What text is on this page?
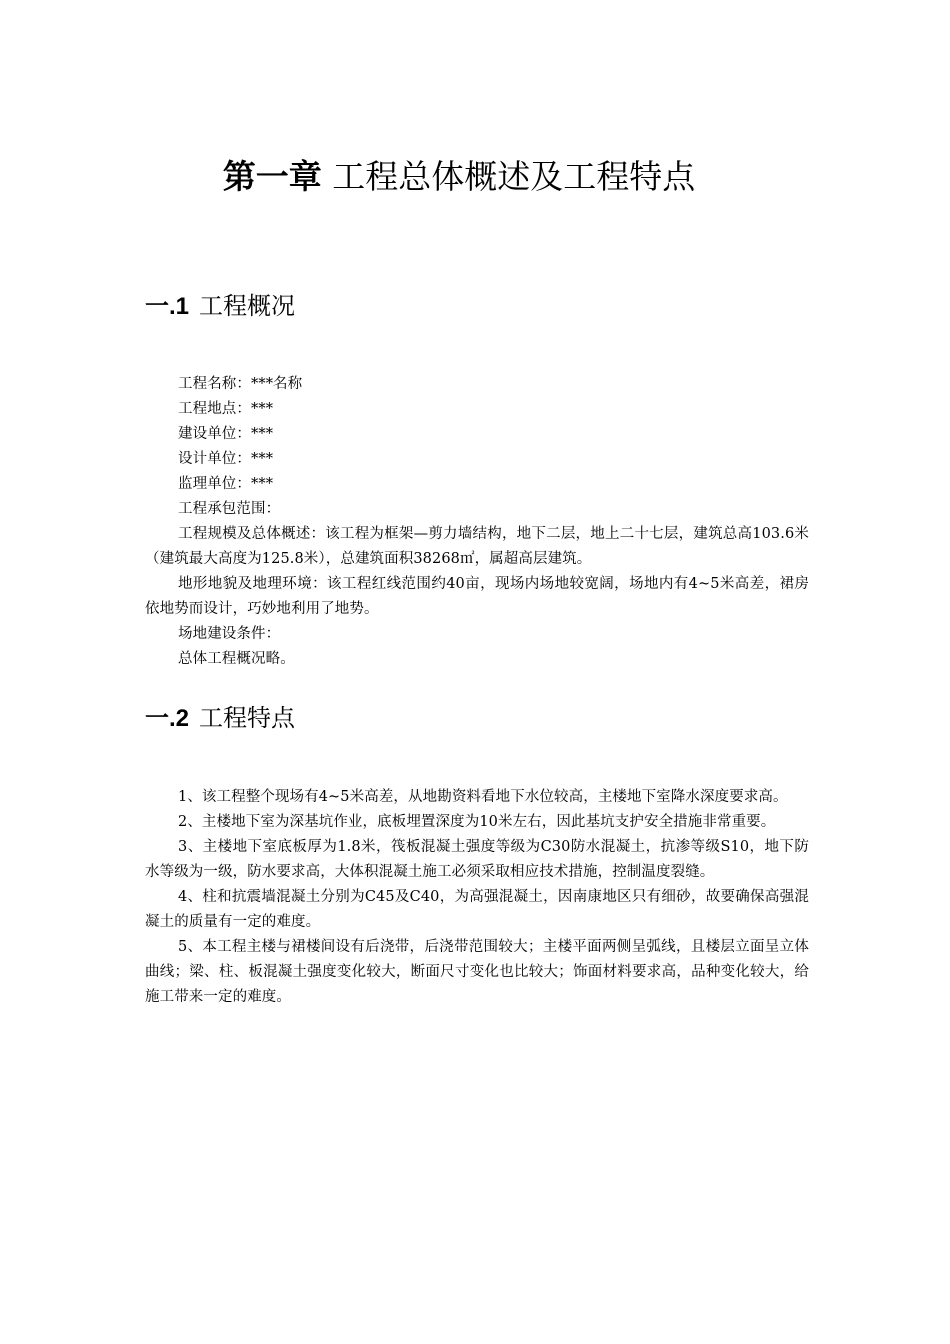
第一章 工程总体概述及工程特点
一.1 工程概况

工程名称：***名称

工程地点：***

建设单位：***

设计单位：***

监理单位：***

工程承包范围：

工程规模及总体概述：该工程为框架—剪力墙结构，地下二层，地上二十七层，建筑总高103.6米（建筑最大高度为125.8米），总建筑面积38268㎡，属超高层建筑。

地形地貌及地理环境：该工程红线范围约40亩，现场内场地较宽阔，场地内有4~5米高差，裙房依地势而设计，巧妙地利用了地势。

场地建设条件：

总体工程概况略。

一.2 工程特点

1、该工程整个现场有4~5米高差，从地勘资料看地下水位较高，主楼地下室降水深度要求高。

2、主楼地下室为深基坑作业，底板埋置深度为10米左右，因此基坑支护安全措施非常重要。

3、主楼地下室底板厚为1.8米，筏板混凝土强度等级为C30防水混凝土，抗渗等级S10，地下防水等级为一级，防水要求高，大体积混凝土施工必须采取相应技术措施，控制温度裂缝。

4、柱和抗震墙混凝土分别为C45及C40，为高强混凝土，因南康地区只有细砂，故要确保高强混凝土的质量有一定的难度。

5、本工程主楼与裙楼间设有后浇带，后浇带范围较大；主楼平面两侧呈弧线，且楼层立面呈立体曲线；梁、柱、板混凝土强度变化较大，断面尺寸变化也比较大；饰面材料要求高，品种变化较大，给施工带来一定的难度。
